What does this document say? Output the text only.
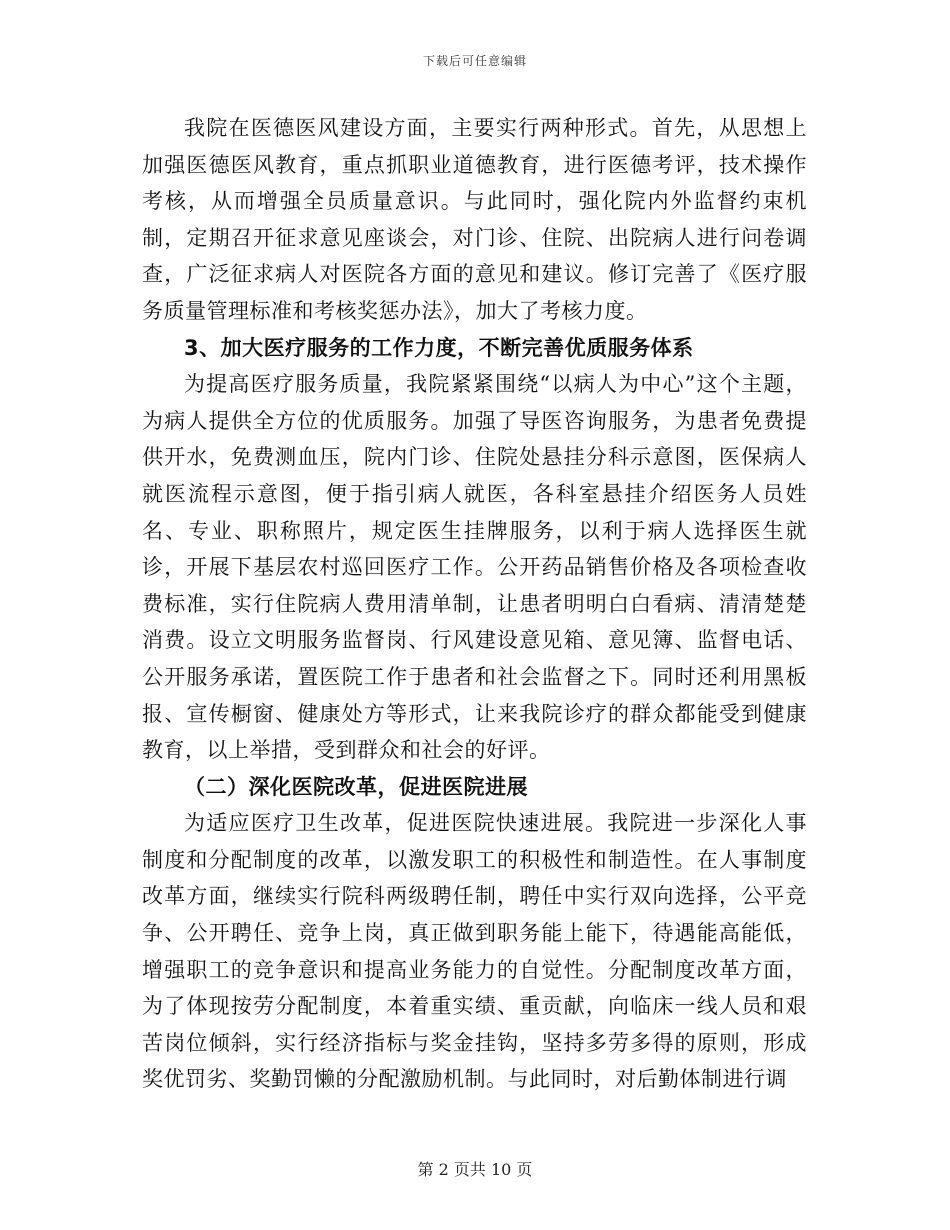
下载后可任意编辑

我院在医德医风建设方面，主要实行两种形式。首先，从思想上加强医德医风教育，重点抓职业道德教育，进行医德考评，技术操作考核，从而增强全员质量意识。与此同时，强化院内外监督约束机制，定期召开征求意见座谈会，对门诊、住院、出院病人进行问卷调查，广泛征求病人对医院各方面的意见和建议。修订完善了《医疗服务质量管理标准和考核奖惩办法》，加大了考核力度。

3、加大医疗服务的工作力度，不断完善优质服务体系

为提高医疗服务质量，我院紧紧围绕“以病人为中心”这个主题，为病人提供全方位的优质服务。加强了导医咨询服务，为患者免费提供开水，免费测血压，院内门诊、住院处悬挂分科示意图，医保病人就医流程示意图，便于指引病人就医，各科室悬挂介绍医务人员姓名、专业、职称照片，规定医生挂牌服务，以利于病人选择医生就诊，开展下基层农村巡回医疗工作。公开药品销售价格及各项检查收费标准，实行住院病人费用清单制，让患者明明白白看病、清清楚楚消费。设立文明服务监督岗、行风建设意见箱、意见簿、监督电话、公开服务承诺，置医院工作于患者和社会监督之下。同时还利用黑板报、宣传橱窗、健康处方等形式，让来我院诊疗的群众都能受到健康教育，以上举措，受到群众和社会的好评。

（二）深化医院改革，促进医院进展

为适应医疗卫生改革，促进医院快速进展。我院进一步深化人事制度和分配制度的改革，以激发职工的积极性和制造性。在人事制度改革方面，继续实行院科两级聘任制，聘任中实行双向选择，公平竞争、公开聘任、竞争上岗，真正做到职务能上能下，待遇能高能低，增强职工的竞争意识和提高业务能力的自觉性。分配制度改革方面，为了体现按劳分配制度，本着重实绩、重贡献，向临床一线人员和艰苦岗位倾斜，实行经济指标与奖金挂钩，坚持多劳多得的原则，形成奖优罚劣、奖勤罚懒的分配激励机制。与此同时，对后勤体制进行调

第 2 页共 10 页
